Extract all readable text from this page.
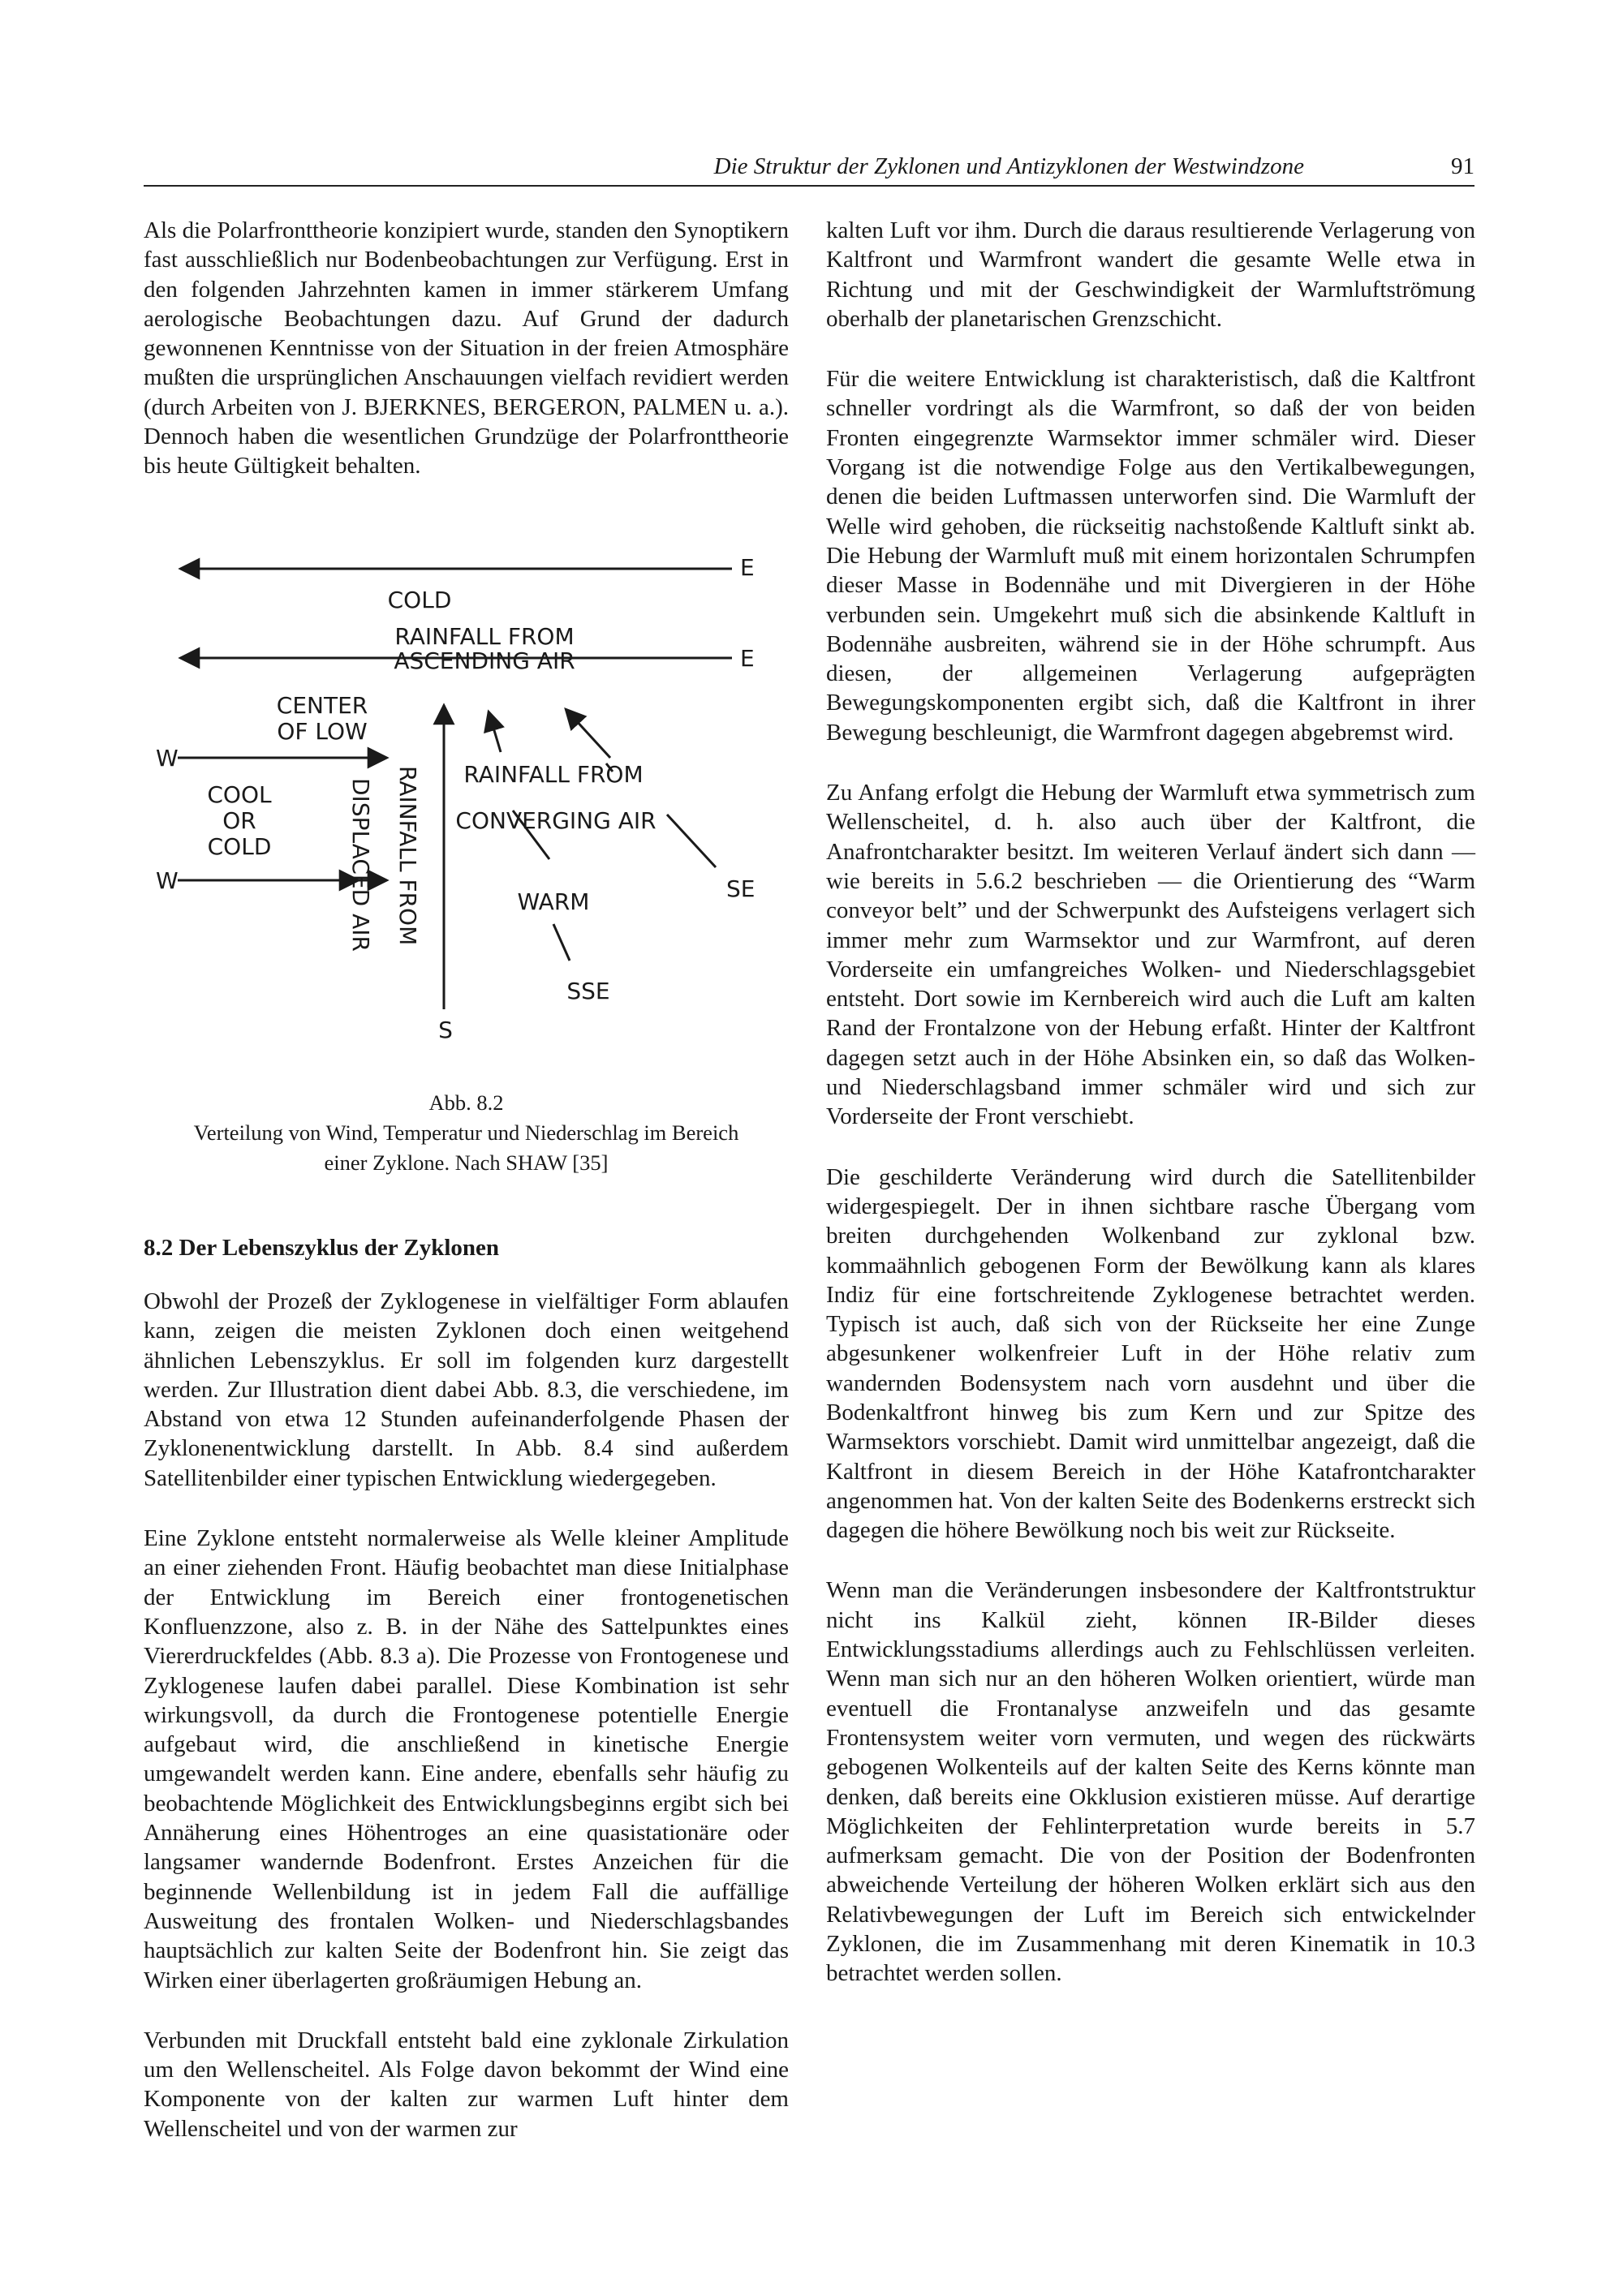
Die Struktur der Zyklonen und Antizyklonen der Westwindzone	91

Als die Polarfronttheorie konzipiert wurde, standen den Synoptikern fast ausschließlich nur Bodenbeobachtungen zur Verfügung. Erst in den folgenden Jahrzehnten kamen in immer stärkerem Umfang aerologische Beobachtungen dazu. Auf Grund der dadurch gewonnenen Kenntnisse von der Situation in der freien Atmosphäre mußten die ursprünglichen Anschauungen vielfach revidiert werden (durch Arbeiten von J. BJERKNES, BERGERON, PALMEN u. a.). Dennoch haben die wesentlichen Grundzüge der Polarfronttheorie bis heute Gültigkeit behalten.

COLD
RAINFALL FROM
ASCENDING AIR
E
E
CENTER
OF LOW
W
W
COOL
OR
COLD	DISPLACED AIR RAINFALL FROM RAINFALL FROM
CONVERGING AIR
SE
WARM
SSE
S
Abb. 8.2
Verteilung von Wind, Temperatur und Niederschlag im Bereich
einer Zyklone. Nach SHAW [35]
8.2 Der Lebenszyklus der Zyklonen

Obwohl der Prozeß der Zyklogenese in vielfältiger Form ablaufen kann, zeigen die meisten Zyklonen doch einen weitgehend ähnlichen Lebenszyklus. Er soll im folgenden kurz dargestellt werden. Zur Illustration dient dabei Abb. 8.3, die verschiedene, im Abstand von etwa 12 Stunden aufeinanderfolgende Phasen der Zyklonenentwicklung darstellt. In Abb. 8.4 sind außerdem Satellitenbilder einer typischen Entwicklung wiedergegeben.

Eine Zyklone entsteht normalerweise als Welle kleiner Amplitude an einer ziehenden Front. Häufig beobachtet man diese Initialphase der Entwicklung im Bereich einer frontogenetischen Konfluenzzone, also z. B. in der Nähe des Sattelpunktes eines Viererdruckfeldes (Abb. 8.3 a). Die Prozesse von Frontogenese und Zyklogenese laufen dabei parallel. Diese Kombination ist sehr wirkungsvoll, da durch die Frontogenese potentielle Energie aufgebaut wird, die anschließend in kinetische Energie umgewandelt werden kann. Eine andere, ebenfalls sehr häufig zu beobachtende Möglichkeit des Entwicklungsbeginns ergibt sich bei Annäherung eines Höhentroges an eine quasistationäre oder langsamer wandernde Bodenfront. Erstes Anzeichen für die beginnende Wellenbildung ist in jedem Fall die auffällige Ausweitung des frontalen Wolken- und Niederschlagsbandes hauptsächlich zur kalten Seite der Bodenfront hin. Sie zeigt das Wirken einer überlagerten großräumigen Hebung an.

Verbunden mit Druckfall entsteht bald eine zyklonale Zirkulation um den Wellenscheitel. Als Folge davon bekommt der Wind eine Komponente von der kalten zur warmen Luft hinter dem Wellenscheitel und von der warmen zur

kalten Luft vor ihm. Durch die daraus resultierende Verlagerung von Kaltfront und Warmfront wandert die gesamte Welle etwa in Richtung und mit der Geschwindigkeit der Warmluftströmung oberhalb der planetarischen Grenzschicht.

Für die weitere Entwicklung ist charakteristisch, daß die Kaltfront schneller vordringt als die Warmfront, so daß der von beiden Fronten eingegrenzte Warmsektor immer schmäler wird. Dieser Vorgang ist die notwendige Folge aus den Vertikalbewegungen, denen die beiden Luftmassen unterworfen sind. Die Warmluft der Welle wird gehoben, die rückseitig nachstoßende Kaltluft sinkt ab. Die Hebung der Warmluft muß mit einem horizontalen Schrumpfen dieser Masse in Bodennähe und mit Divergieren in der Höhe verbunden sein. Umgekehrt muß sich die absinkende Kaltluft in Bodennähe ausbreiten, während sie in der Höhe schrumpft. Aus diesen, der allgemeinen Verlagerung aufgeprägten Bewegungskomponenten ergibt sich, daß die Kaltfront in ihrer Bewegung beschleunigt, die Warmfront dagegen abgebremst wird.

Zu Anfang erfolgt die Hebung der Warmluft etwa symmetrisch zum Wellenscheitel, d. h. also auch über der Kaltfront, die Anafrontcharakter besitzt. Im weiteren Verlauf ändert sich dann — wie bereits in 5.6.2 beschrieben — die Orientierung des “Warm conveyor belt” und der Schwerpunkt des Aufsteigens verlagert sich immer mehr zum Warmsektor und zur Warmfront, auf deren Vorderseite ein umfangreiches Wolken- und Niederschlagsgebiet entsteht. Dort sowie im Kernbereich wird auch die Luft am kalten Rand der Frontalzone von der Hebung erfaßt. Hinter der Kaltfront dagegen setzt auch in der Höhe Absinken ein, so daß das Wolken- und Niederschlagsband immer schmäler wird und sich zur Vorderseite der Front verschiebt.

Die geschilderte Veränderung wird durch die Satellitenbilder widergespiegelt. Der in ihnen sichtbare rasche Übergang vom breiten durchgehenden Wolkenband zur zyklonal bzw. kommaähnlich gebogenen Form der Bewölkung kann als klares Indiz für eine fortschreitende Zyklogenese betrachtet werden. Typisch ist auch, daß sich von der Rückseite her eine Zunge abgesunkener wolkenfreier Luft in der Höhe relativ zum wandernden Bodensystem nach vorn ausdehnt und über die Bodenkaltfront hinweg bis zum Kern und zur Spitze des Warmsektors vorschiebt. Damit wird unmittelbar angezeigt, daß die Kaltfront in diesem Bereich in der Höhe Katafrontcharakter angenommen hat. Von der kalten Seite des Bodenkerns erstreckt sich dagegen die höhere Bewölkung noch bis weit zur Rückseite.

Wenn man die Veränderungen insbesondere der Kaltfrontstruktur nicht ins Kalkül zieht, können IR-Bilder dieses Entwicklungsstadiums allerdings auch zu Fehlschlüssen verleiten. Wenn man sich nur an den höheren Wolken orientiert, würde man eventuell die Frontanalyse anzweifeln und das gesamte Frontensystem weiter vorn vermuten, und wegen des rückwärts gebogenen Wolkenteils auf der kalten Seite des Kerns könnte man denken, daß bereits eine Okklusion existieren müsse. Auf derartige Möglichkeiten der Fehlinterpretation wurde bereits in 5.7 aufmerksam gemacht. Die von der Position der Bodenfronten abweichende Verteilung der höheren Wolken erklärt sich aus den Relativbewegungen der Luft im Bereich sich entwickelnder Zyklonen, die im Zusammenhang mit deren Kinematik in 10.3 betrachtet werden sollen.
